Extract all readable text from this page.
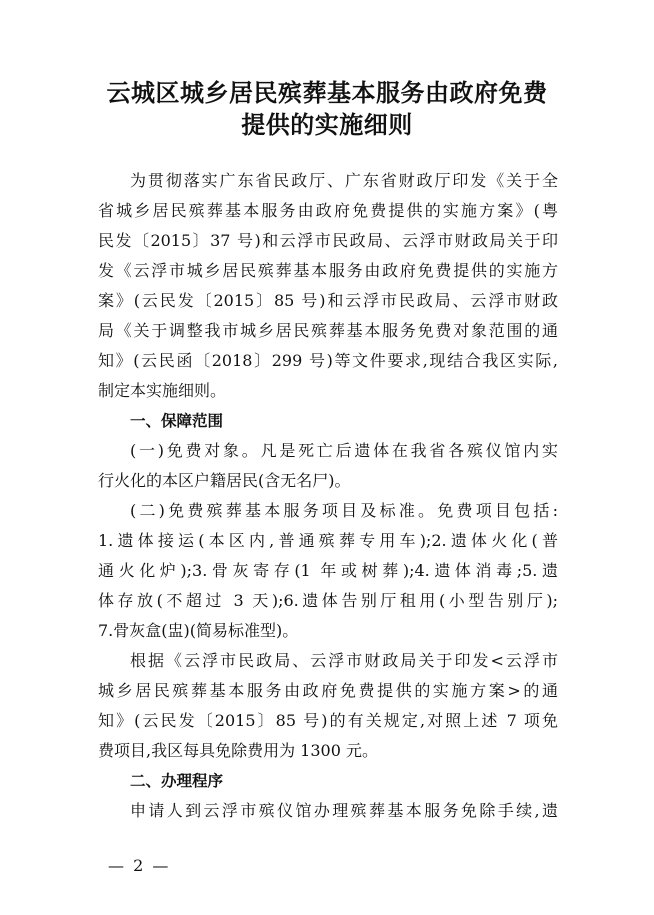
云城区城乡居民殡葬基本服务由政府免费
提供的实施细则
为贯彻落实广东省民政厅、广东省财政厅印发《关于全
省城乡居民殡葬基本服务由政府免费提供的实施方案》(粤
民发〔2015〕37 号)和云浮市民政局、云浮市财政局关于印
发《云浮市城乡居民殡葬基本服务由政府免费提供的实施方
案》(云民发〔2015〕85 号)和云浮市民政局、云浮市财政
局《关于调整我市城乡居民殡葬基本服务免费对象范围的通
知》(云民函〔2018〕299 号)等文件要求,现结合我区实际,
制定本实施细则。
一、保障范围
(一)免费对象。凡是死亡后遗体在我省各殡仪馆内实
行火化的本区户籍居民(含无名尸)。
(二)免费殡葬基本服务项目及标准。免费项目包括:
1.遗体接运(本区内,普通殡葬专用车);2.遗体火化(普
通火化炉);3.骨灰寄存(1 年或树葬);4.遗体消毒;5.遗
体存放(不超过 3 天);6.遗体告别厅租用(小型告别厅);
7.骨灰盒(盅)(简易标准型)。
根据《云浮市民政局、云浮市财政局关于印发<云浮市
城乡居民殡葬基本服务由政府免费提供的实施方案>的通
知》(云民发〔2015〕85 号)的有关规定,对照上述 7 项免
费项目,我区每具免除费用为 1300 元。
二、办理程序
申请人到云浮市殡仪馆办理殡葬基本服务免除手续,遗
— 2 —
